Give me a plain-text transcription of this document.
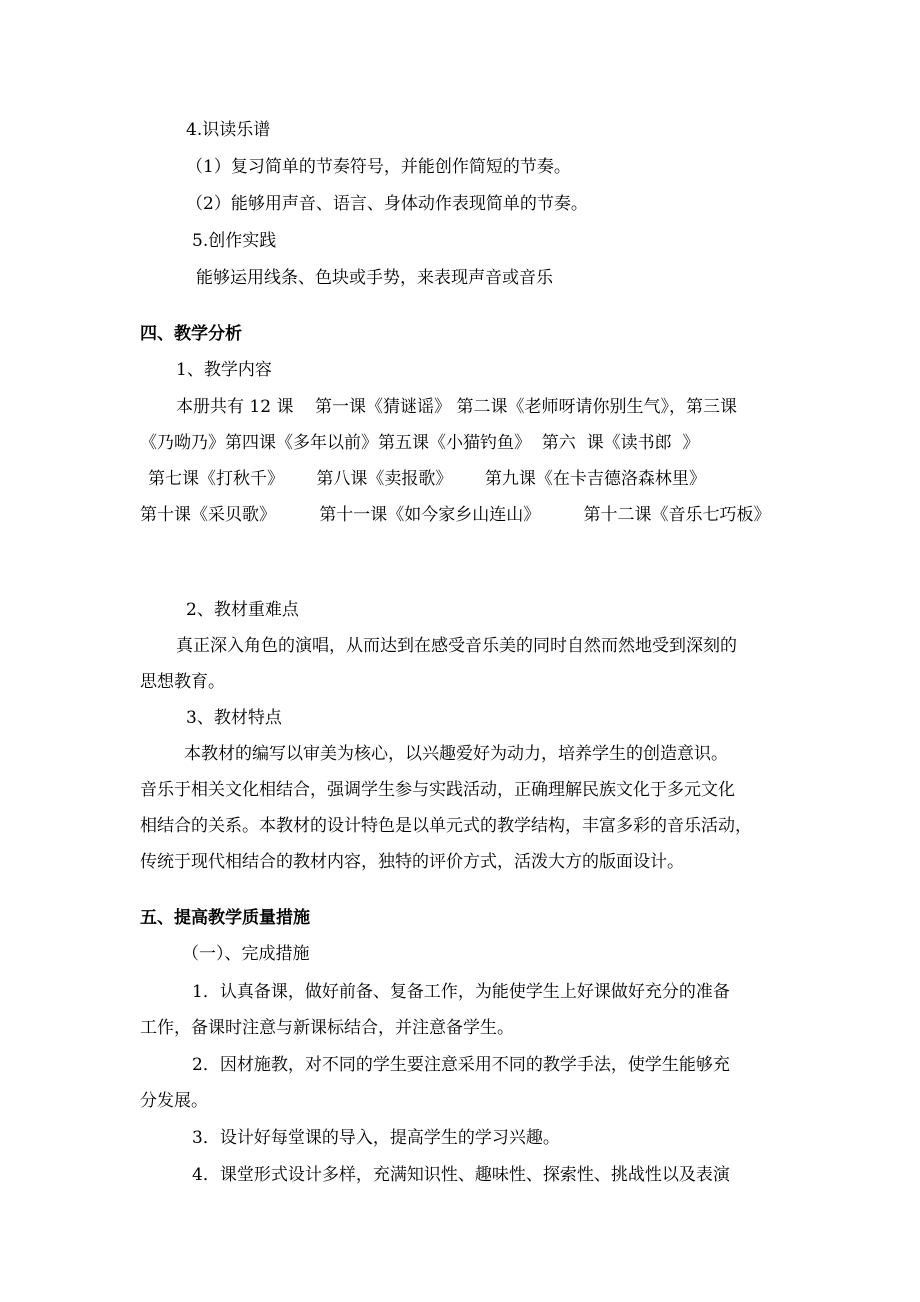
4.识读乐谱
（1）复习简单的节奏符号，并能创作简短的节奏。
（2）能够用声音、语言、身体动作表现简单的节奏。
5.创作实践
能够运用线条、色块或手势，来表现声音或音乐
四、教学分析
1、教学内容
本册共有 12 课    第一课《猜谜谣》 第二课《老师呀请你别生气》，第三课
《乃呦乃》第四课《多年以前》第五课《小猫钓鱼》  第六  课《读书郎  》
第七课《打秋千》      第八课《卖报歌》      第九课《在卡吉德洛森林里》
第十课《采贝歌》        第十一课《如今家乡山连山》        第十二课《音乐七巧板》
2、教材重难点
真正深入角色的演唱，从而达到在感受音乐美的同时自然而然地受到深刻的
思想教育。
3、教材特点
本教材的编写以审美为核心，以兴趣爱好为动力，培养学生的创造意识。
音乐于相关文化相结合，强调学生参与实践活动，正确理解民族文化于多元文化
相结合的关系。本教材的设计特色是以单元式的教学结构，丰富多彩的音乐活动，
传统于现代相结合的教材内容，独特的评价方式，活泼大方的版面设计。
五、提高教学质量措施
（一）、完成措施
1．认真备课，做好前备、复备工作，为能使学生上好课做好充分的准备
工作，备课时注意与新课标结合，并注意备学生。
2．因材施教，对不同的学生要注意采用不同的教学手法，使学生能够充
分发展。
3．设计好每堂课的导入，提高学生的学习兴趣。
4．课堂形式设计多样，充满知识性、趣味性、探索性、挑战性以及表演
